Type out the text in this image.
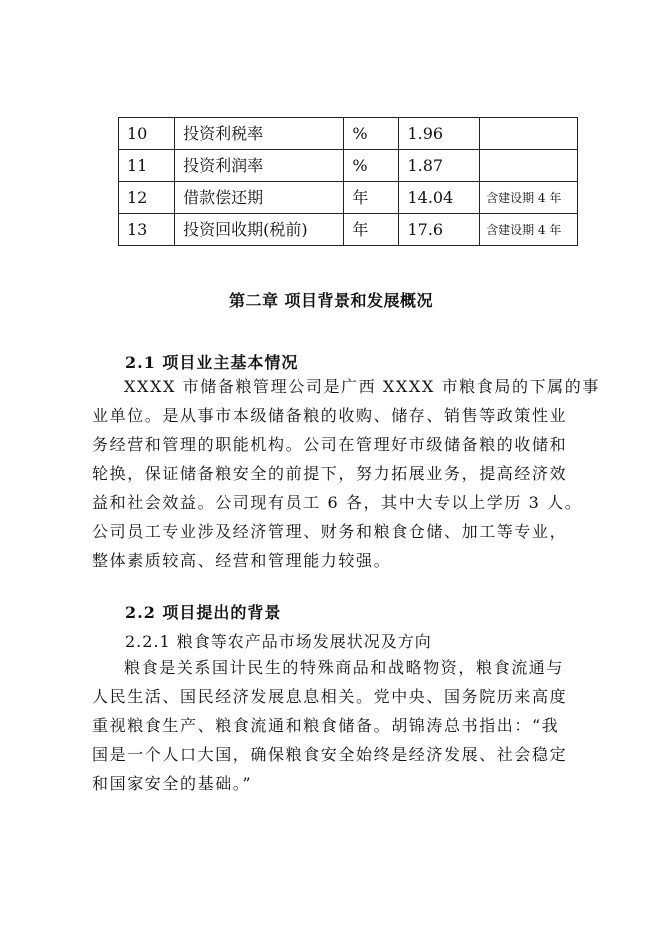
10	投资利税率	%	1.96	
11	投资利润率	%	1.87	
12	借款偿还期	年	14.04	含建设期 4 年
13	投资回收期(税前)	年	17.6	含建设期 4 年
第二章 项目背景和发展概况
2.1 项目业主基本情况
XXXX 市储备粮管理公司是广西 XXXX 市粮食局的下属的事
业单位。是从事市本级储备粮的收购、储存、销售等政策性业
务经营和管理的职能机构。公司在管理好市级储备粮的收储和
轮换，保证储备粮安全的前提下，努力拓展业务，提高经济效
益和社会效益。公司现有员工 6 各，其中大专以上学历 3 人。
公司员工专业涉及经济管理、财务和粮食仓储、加工等专业，
整体素质较高、经营和管理能力较强。
2.2 项目提出的背景
2.2.1 粮食等农产品市场发展状况及方向
粮食是关系国计民生的特殊商品和战略物资，粮食流通与
人民生活、国民经济发展息息相关。党中央、国务院历来高度
重视粮食生产、粮食流通和粮食储备。胡锦涛总书指出：“我
国是一个人口大国，确保粮食安全始终是经济发展、社会稳定
和国家安全的基础。”
